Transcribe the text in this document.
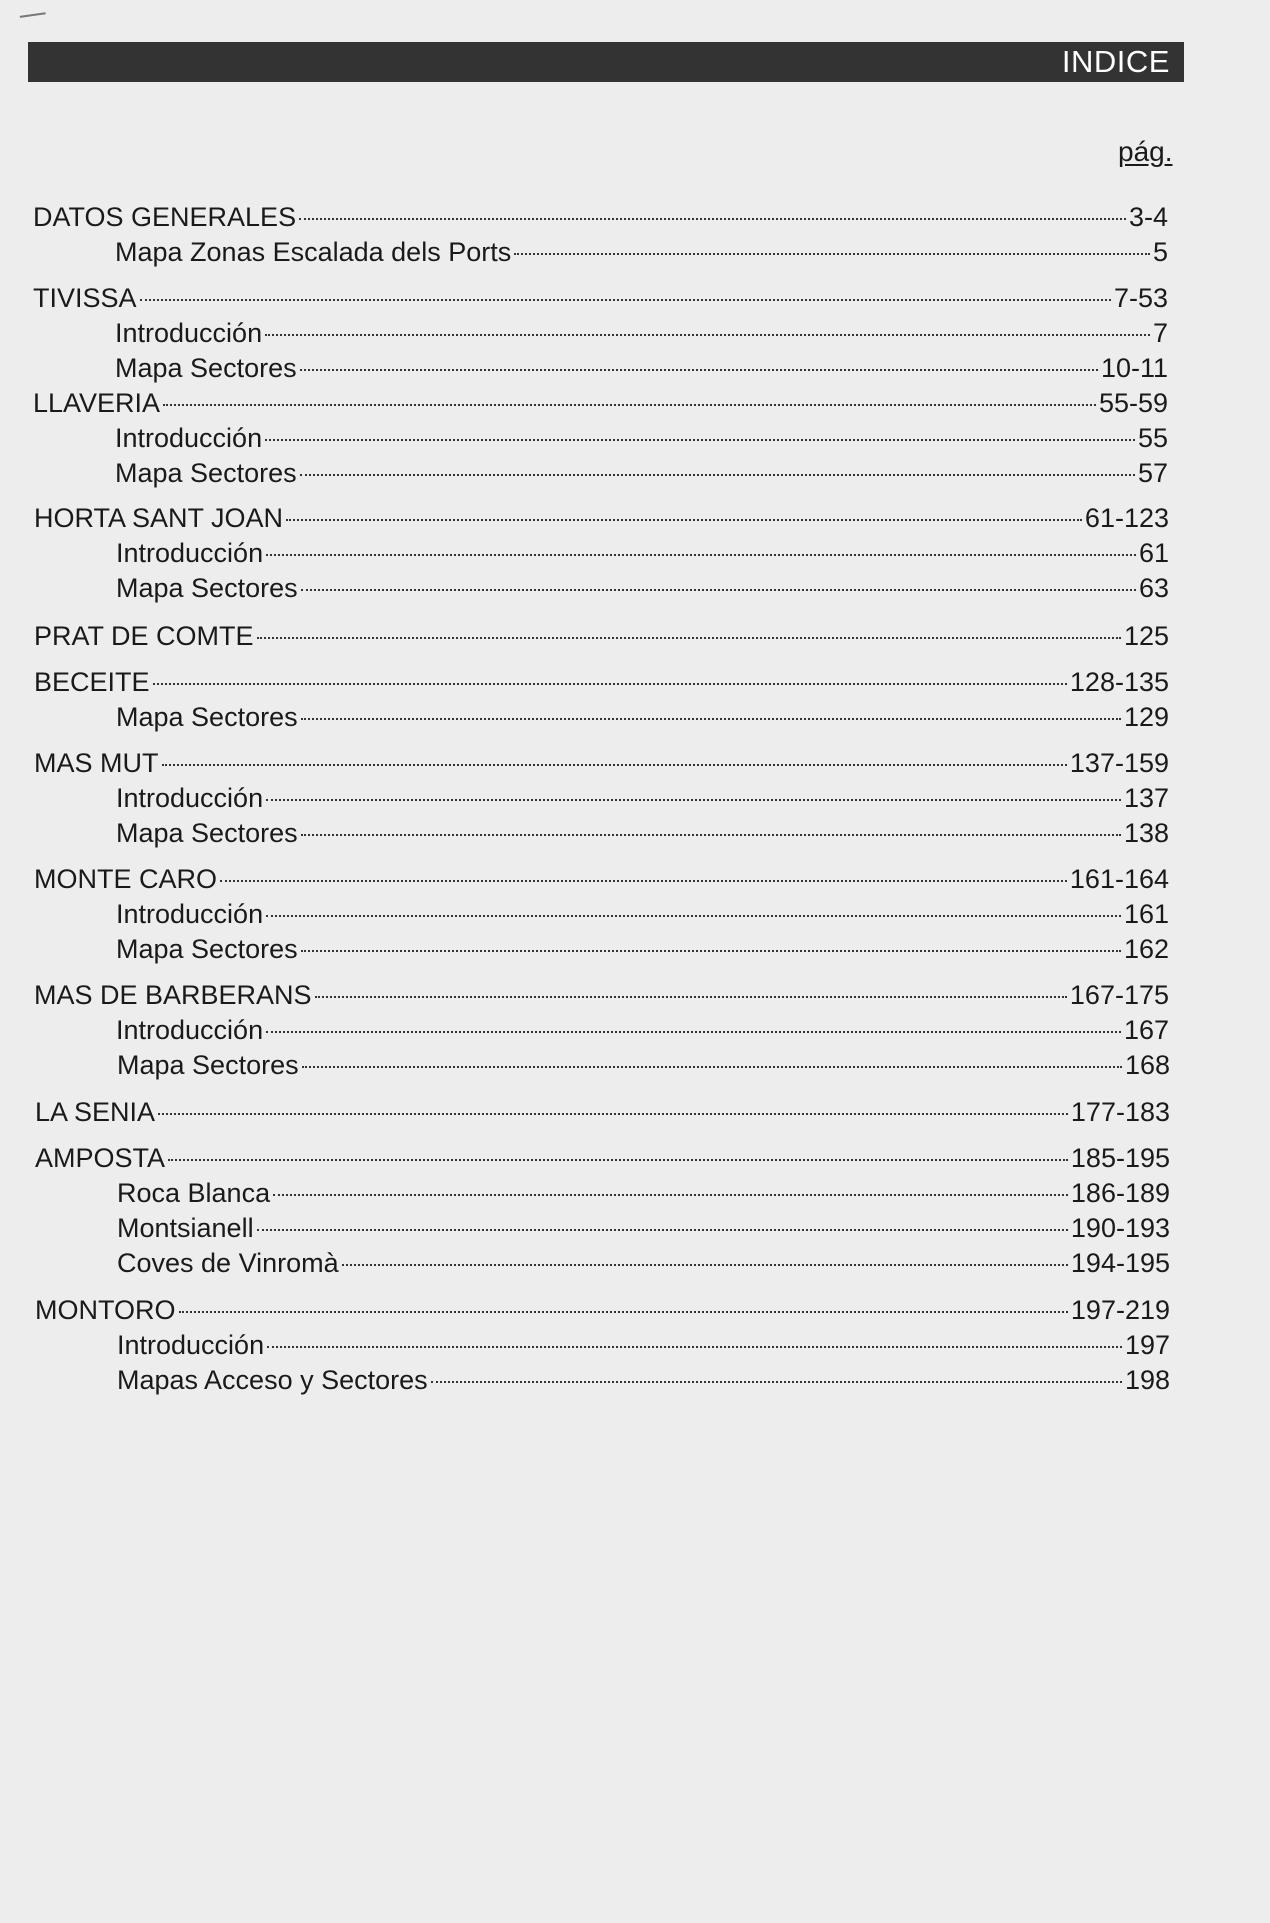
INDICE
pág.
DATOS GENERALES	3-4
Mapa Zonas Escalada dels Ports	5
TIVISSA	7-53
Introducción	7
Mapa Sectores	10-11
LLAVERIA	55-59
Introducción	55
Mapa Sectores	57
HORTA SANT JOAN	61-123
Introducción	61
Mapa Sectores	63
PRAT DE COMTE	125
BECEITE	128-135
Mapa Sectores	129
MAS MUT	137-159
Introducción	137
Mapa Sectores	138
MONTE CARO	161-164
Introducción	161
Mapa Sectores	162
MAS DE BARBERANS	167-175
Introducción	167
Mapa Sectores	168
LA SENIA	177-183
AMPOSTA	185-195
Roca Blanca	186-189
Montsianell	190-193
Coves de Vinromà	194-195
MONTORO	197-219
Introducción	197
Mapas Acceso y Sectores	198
